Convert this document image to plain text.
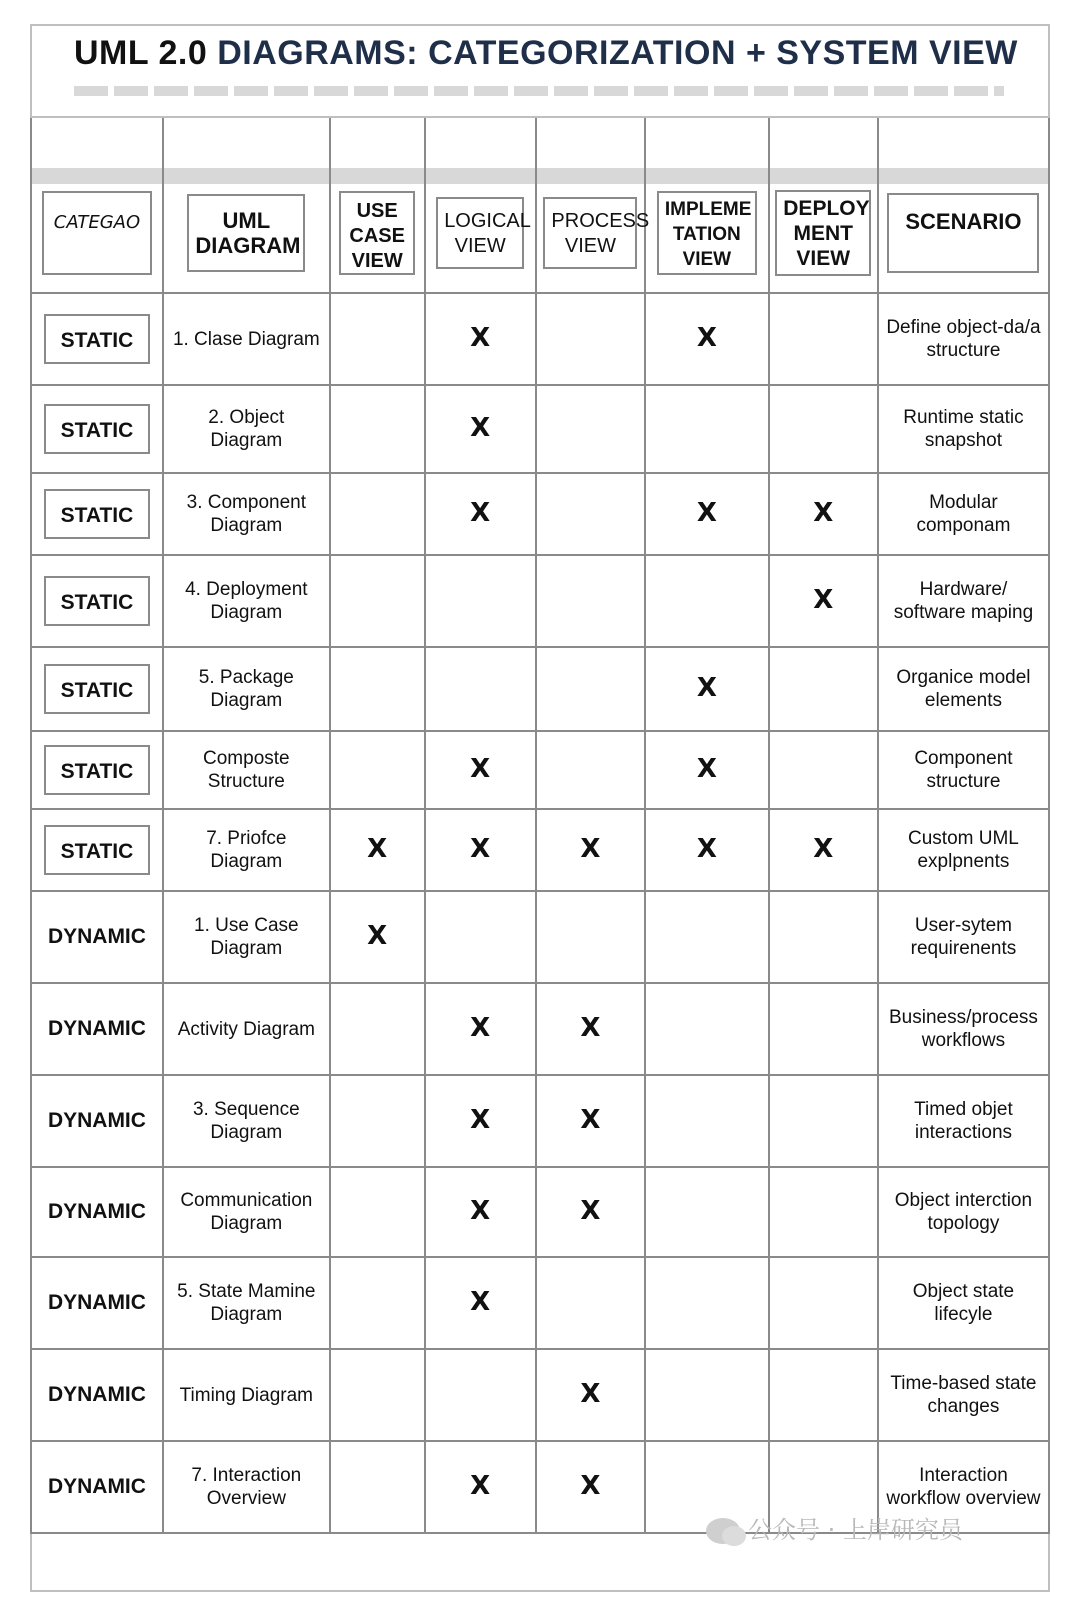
UML 2.0 DIAGRAMS: CATEGORIZATION + SYSTEM VIEW

CATEGAO	UML DIAGRAM	USE CASE VIEW	LOGICAL VIEW	PROCESS VIEW	IMPLEME TATION VIEW	DEPLOY MENT VIEW	SCENARIO
STATIC	1. Clase Diagram		X		X		Define object-da/a structure

STATIC	2. Object Diagram		X				Runtime static snapshot

STATIC	3. Component Diagram		X		X	X	Modular componam

STATIC	4. Deployment Diagram					X	Hardware/ software maping

STATIC	5. Package Diagram				X		Organice model elements

STATIC	Composte Structure		X		X		Component structure

STATIC	7. Priofce Diagram	X	X	X	X	X	Custom UML explpnents

DYNAMIC	1. Use Case Diagram	X					User-sytem requirenents

DYNAMIC	Activity Diagram		X	X			Business/process workflows

DYNAMIC	3. Sequence Diagram		X	X			Timed objet interactions

DYNAMIC	Communication Diagram		X	X			Object interction topology

DYNAMIC	5. State Mamine Diagram		X				Object state lifecyle

DYNAMIC	Timing Diagram			X			Time-based state changes

DYNAMIC	7. Interaction Overview		X	X			Interaction workflow overview
公众号 · 上岸研究员
